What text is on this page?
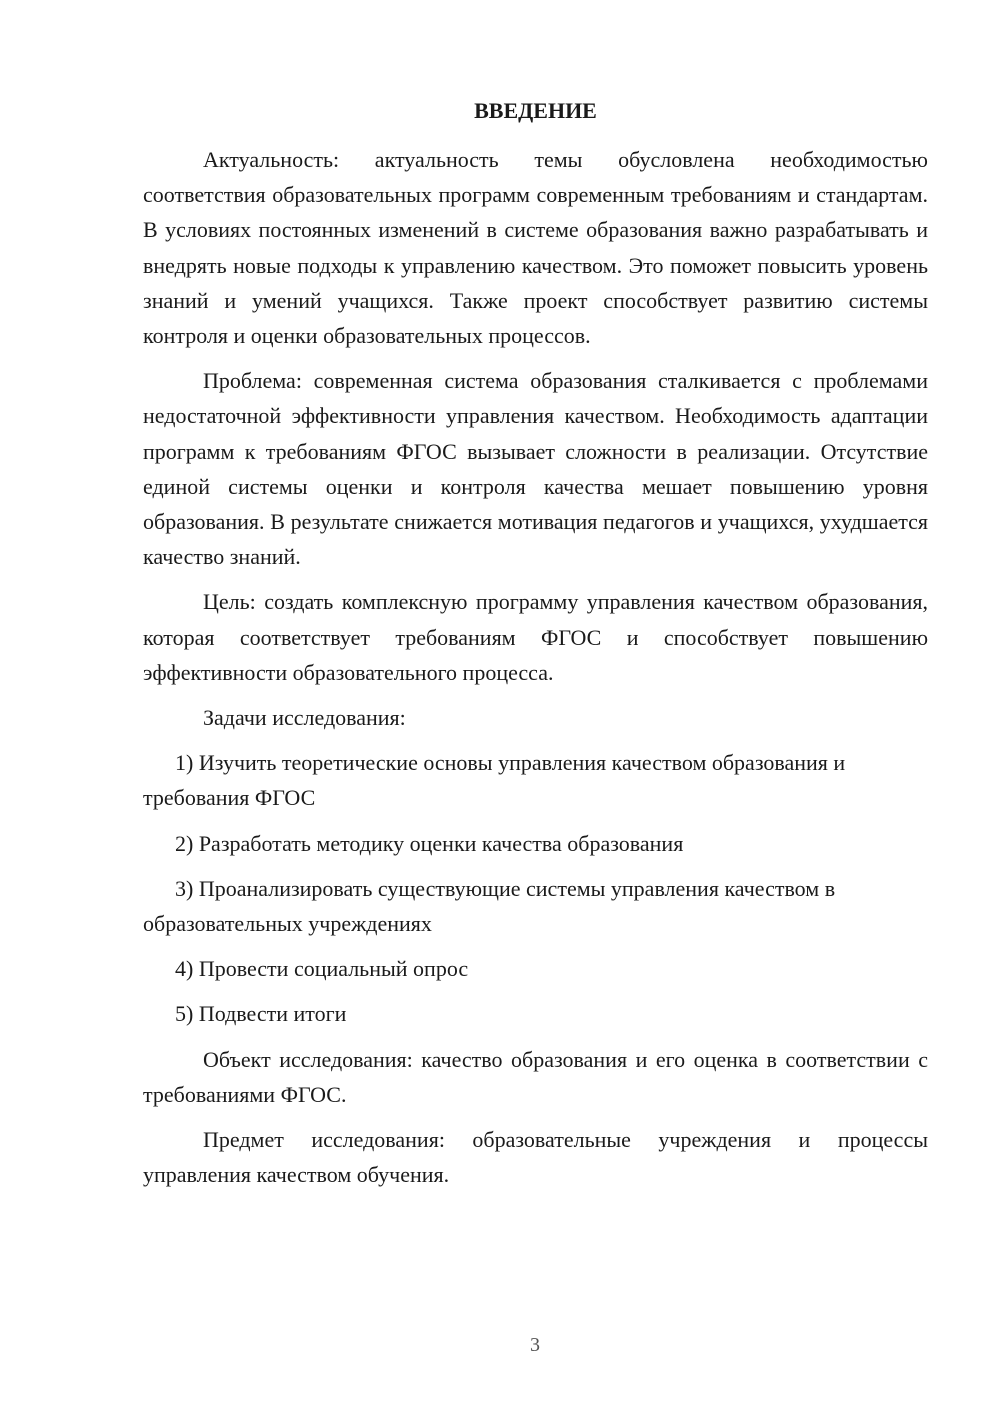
ВВЕДЕНИЕ

Актуальность: актуальность темы обусловлена необходимостью соответствия образовательных программ современным требованиям и стандартам. В условиях постоянных изменений в системе образования важно разрабатывать и внедрять новые подходы к управлению качеством. Это поможет повысить уровень знаний и умений учащихся. Также проект способствует развитию системы контроля и оценки образовательных процессов.

Проблема: современная система образования сталкивается с проблемами недостаточной эффективности управления качеством. Необходимость адаптации программ к требованиям ФГОС вызывает сложности в реализации. Отсутствие единой системы оценки и контроля качества мешает повышению уровня образования. В результате снижается мотивация педагогов и учащихся, ухудшается качество знаний.

Цель: создать комплексную программу управления качеством образования, которая соответствует требованиям ФГОС и способствует повышению эффективности образовательного процесса.

Задачи исследования:

1) Изучить теоретические основы управления качеством образования и требования ФГОС
2) Разработать методику оценки качества образования
3) Проанализировать существующие системы управления качеством в образовательных учреждениях
4) Провести социальный опрос
5) Подвести итоги

Объект исследования: качество образования и его оценка в соответствии с требованиями ФГОС.

Предмет исследования: образовательные учреждения и процессы управления качеством обучения.

3
